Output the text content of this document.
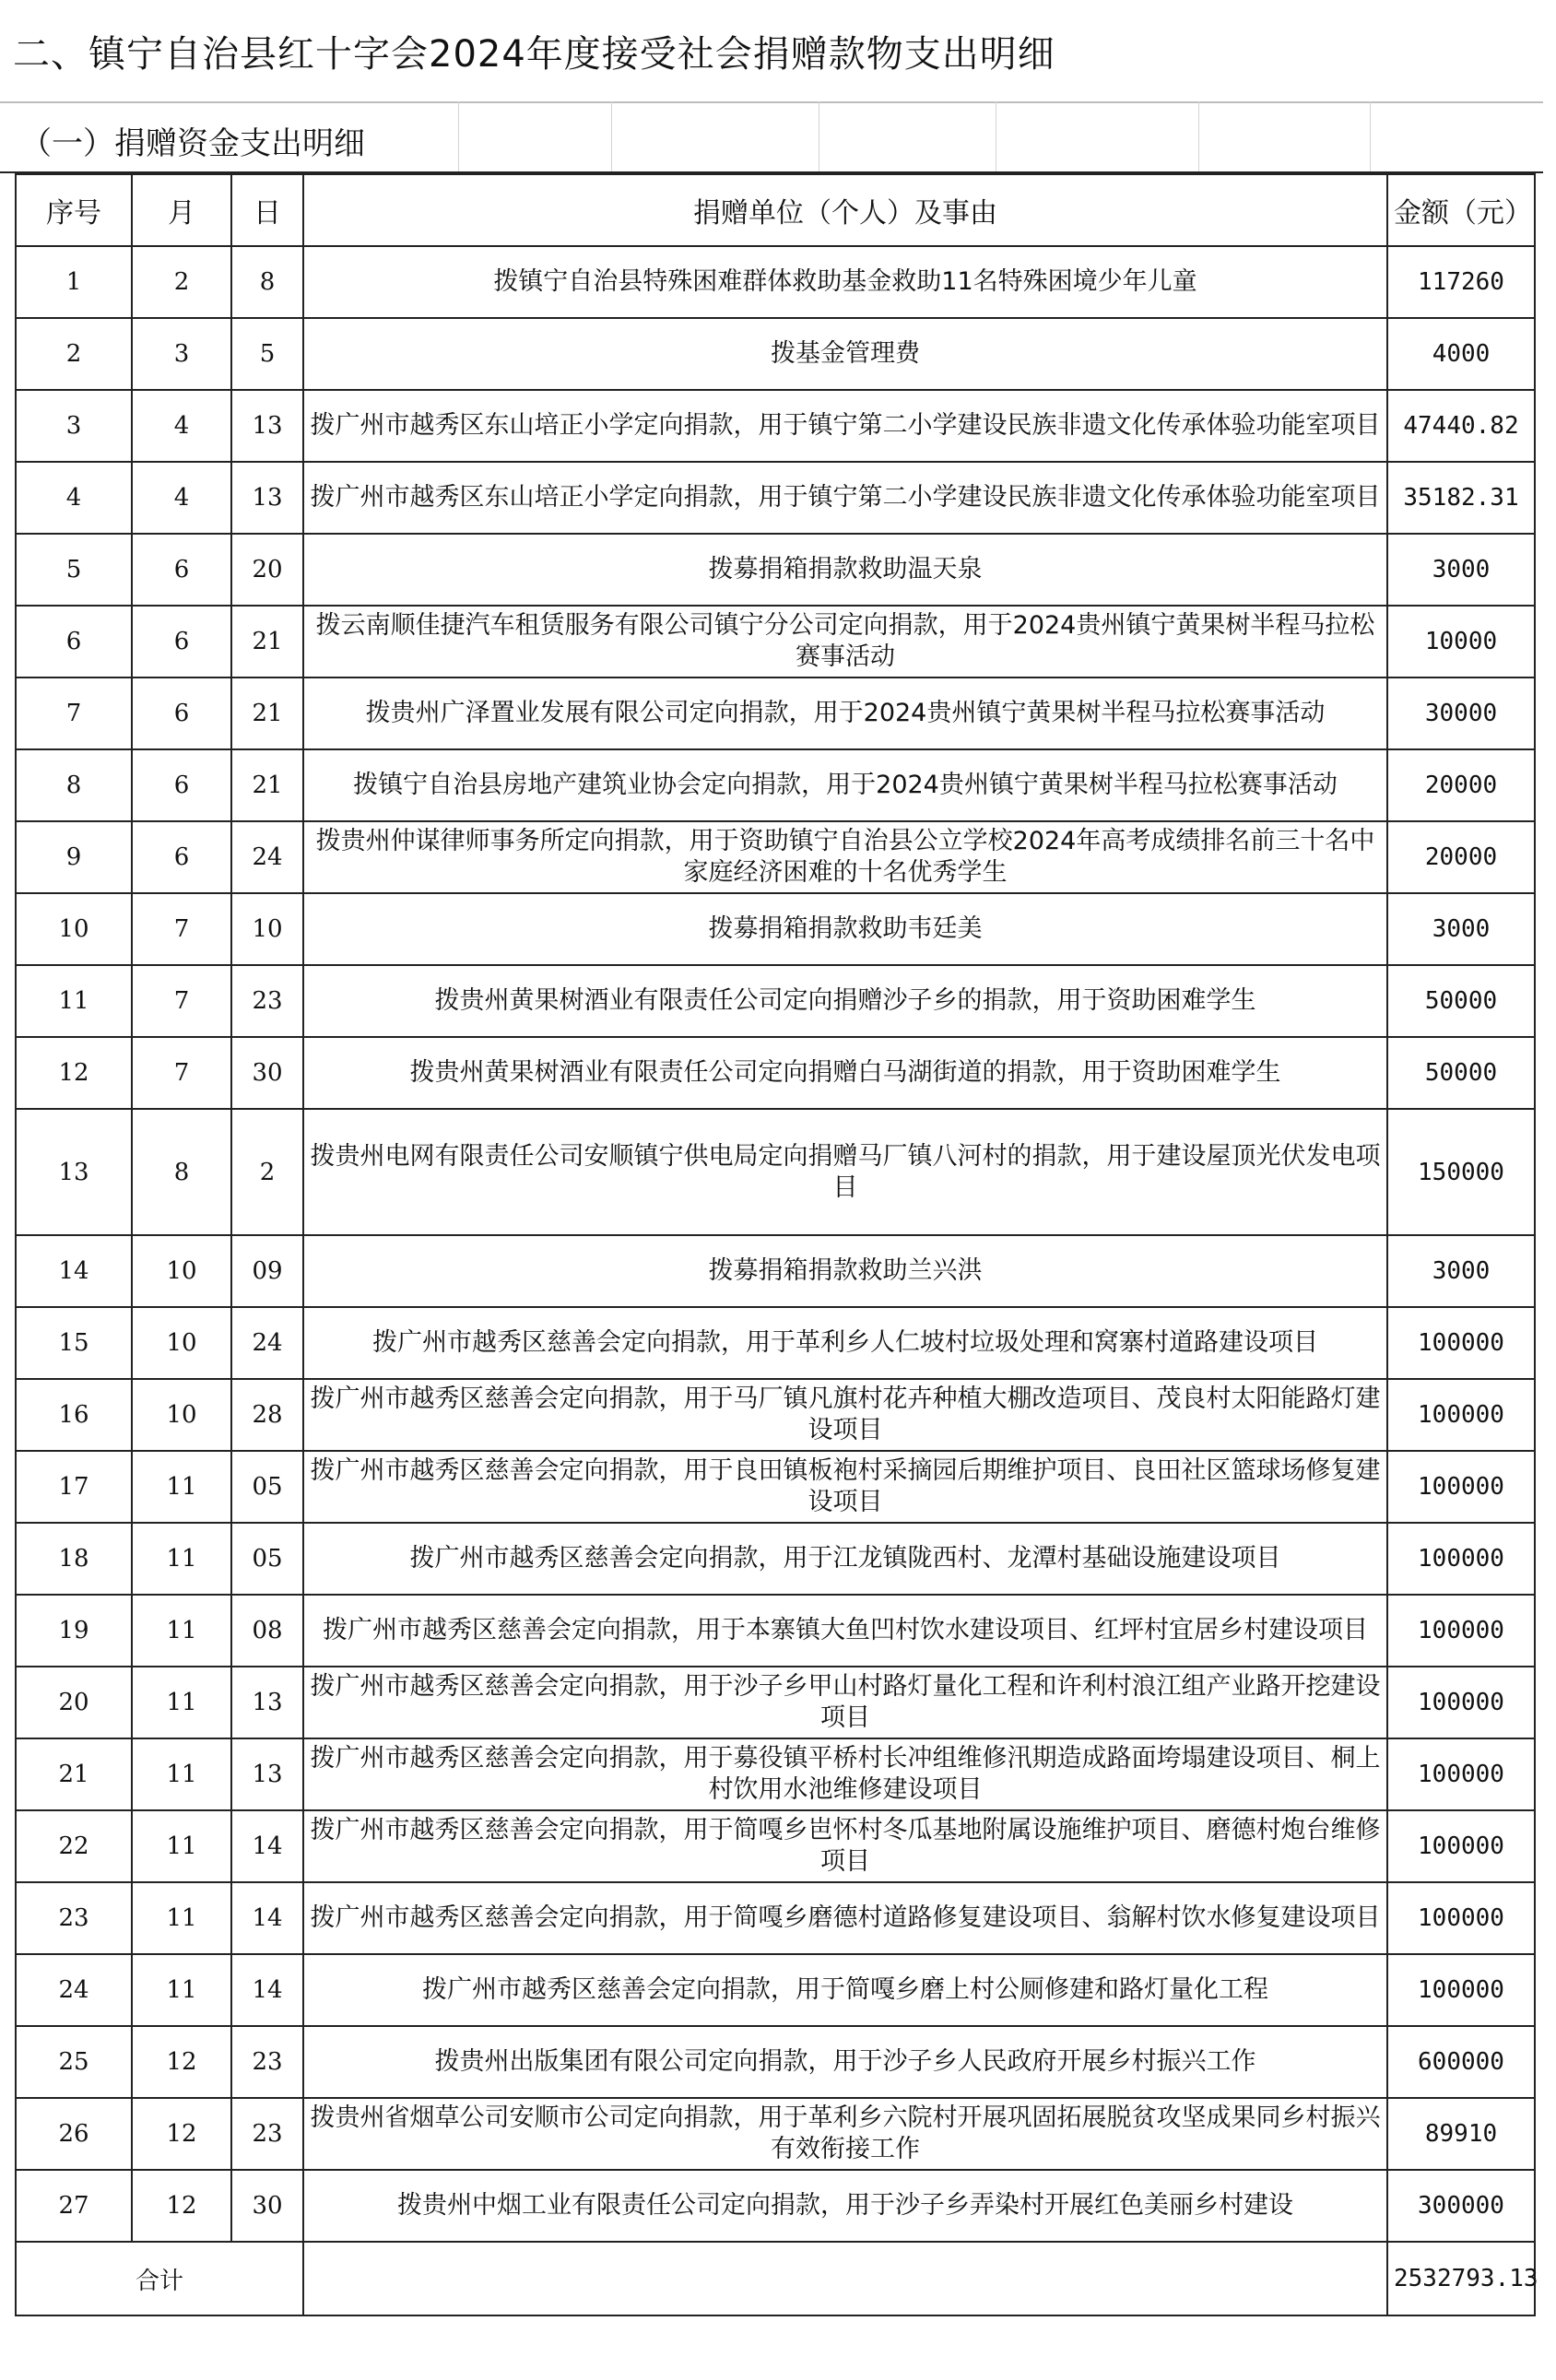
二、镇宁自治县红十字会2024年度接受社会捐赠款物支出明细
（一）捐赠资金支出明细
序号	月	日	捐赠单位（个人）及事由	金额（元）
1	2	8	拨镇宁自治县特殊困难群体救助基金救助11名特殊困境少年儿童	117260
2	3	5	拨基金管理费	4000
3	4	13	拨广州市越秀区东山培正小学定向捐款，用于镇宁第二小学建设民族非遗文化传承体验功能室项目	47440.82
4	4	13	拨广州市越秀区东山培正小学定向捐款，用于镇宁第二小学建设民族非遗文化传承体验功能室项目	35182.31
5	6	20	拨募捐箱捐款救助温天泉	3000
6	6	21	拨云南顺佳捷汽车租赁服务有限公司镇宁分公司定向捐款，用于2024贵州镇宁黄果树半程马拉松赛事活动	10000
7	6	21	拨贵州广泽置业发展有限公司定向捐款，用于2024贵州镇宁黄果树半程马拉松赛事活动	30000
8	6	21	拨镇宁自治县房地产建筑业协会定向捐款，用于2024贵州镇宁黄果树半程马拉松赛事活动	20000
9	6	24	拨贵州仲谋律师事务所定向捐款，用于资助镇宁自治县公立学校2024年高考成绩排名前三十名中家庭经济困难的十名优秀学生	20000
10	7	10	拨募捐箱捐款救助韦廷美	3000
11	7	23	拨贵州黄果树酒业有限责任公司定向捐赠沙子乡的捐款，用于资助困难学生	50000
12	7	30	拨贵州黄果树酒业有限责任公司定向捐赠白马湖街道的捐款，用于资助困难学生	50000
13	8	2	拨贵州电网有限责任公司安顺镇宁供电局定向捐赠马厂镇八河村的捐款，用于建设屋顶光伏发电项目	150000
14	10	09	拨募捐箱捐款救助兰兴洪	3000
15	10	24	拨广州市越秀区慈善会定向捐款，用于革利乡人仁坡村垃圾处理和窝寨村道路建设项目	100000
16	10	28	拨广州市越秀区慈善会定向捐款，用于马厂镇凡旗村花卉种植大棚改造项目、茂良村太阳能路灯建设项目	100000
17	11	05	拨广州市越秀区慈善会定向捐款，用于良田镇板袍村采摘园后期维护项目、良田社区篮球场修复建设项目	100000
18	11	05	拨广州市越秀区慈善会定向捐款，用于江龙镇陇西村、龙潭村基础设施建设项目	100000
19	11	08	拨广州市越秀区慈善会定向捐款，用于本寨镇大鱼凹村饮水建设项目、红坪村宜居乡村建设项目	100000
20	11	13	拨广州市越秀区慈善会定向捐款，用于沙子乡甲山村路灯量化工程和许利村浪江组产业路开挖建设项目	100000
21	11	13	拨广州市越秀区慈善会定向捐款，用于募役镇平桥村长冲组维修汛期造成路面垮塌建设项目、桐上村饮用水池维修建设项目	100000
22	11	14	拨广州市越秀区慈善会定向捐款，用于简嘎乡岜怀村冬瓜基地附属设施维护项目、磨德村炮台维修项目	100000
23	11	14	拨广州市越秀区慈善会定向捐款，用于简嘎乡磨德村道路修复建设项目、翁解村饮水修复建设项目	100000
24	11	14	拨广州市越秀区慈善会定向捐款，用于简嘎乡磨上村公厕修建和路灯量化工程	100000
25	12	23	拨贵州出版集团有限公司定向捐款，用于沙子乡人民政府开展乡村振兴工作	600000
26	12	23	拨贵州省烟草公司安顺市公司定向捐款，用于革利乡六院村开展巩固拓展脱贫攻坚成果同乡村振兴有效衔接工作	89910
27	12	30	拨贵州中烟工业有限责任公司定向捐款，用于沙子乡弄染村开展红色美丽乡村建设	300000
合计				2532793.13
